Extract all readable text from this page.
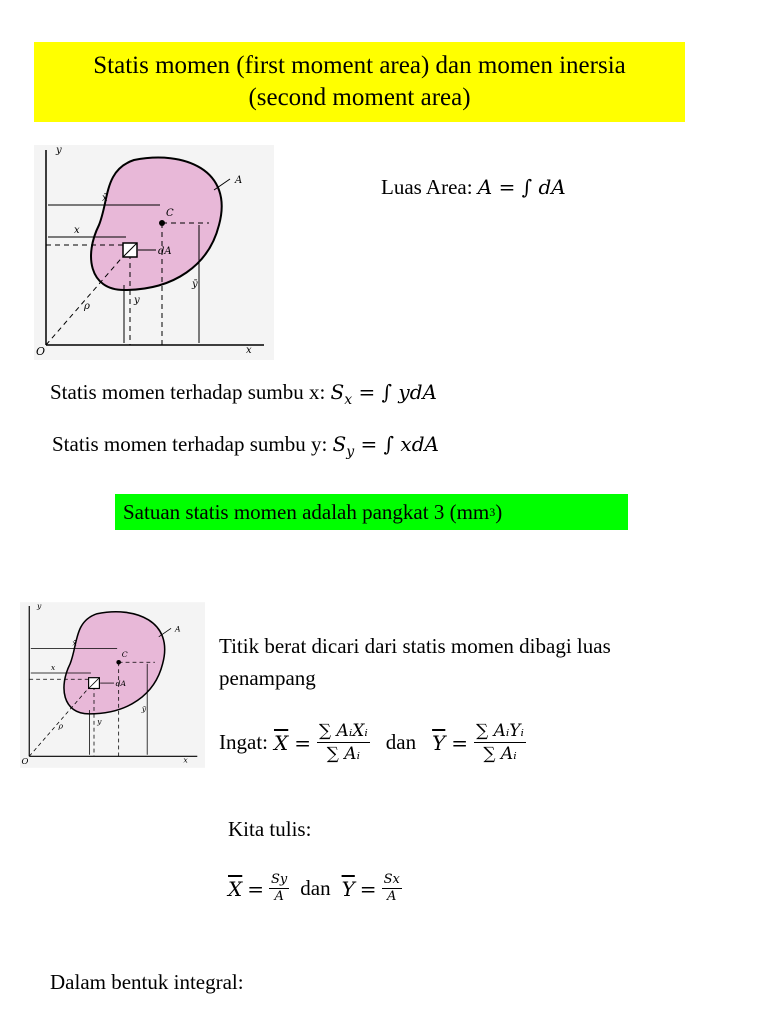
Statis momen (first moment area) dan momen inersia
(second moment area)
y
x
O
A
C
dA
x̄
x
ȳ
y
ρ
Luas Area: A = ∫ dA
Statis momen terhadap sumbu x: $S_x$ = ∫ ydA
Statis momen terhadap sumbu y: $S_y$ = ∫ xdA
Satuan statis momen adalah pangkat 3 (mm 3 )
y
x
O
A
C
dA
x̄
x
ȳ
y
ρ
Titik berat dicari dari statis momen dibagi luas
penampang
Ingat: $\overline{X} = \frac{\text{∑ AᵢXᵢ}}{\text{∑ Aᵢ}}$ dan $\overline{Y} = \frac{\text{∑ AᵢYᵢ}}{\text{∑ Aᵢ}}$
Kita tulis:
$\overline{X} = \frac{Sy}{A}$ dan $\overline{Y} = \frac{Sx}{A}$
Dalam bentuk integral:
